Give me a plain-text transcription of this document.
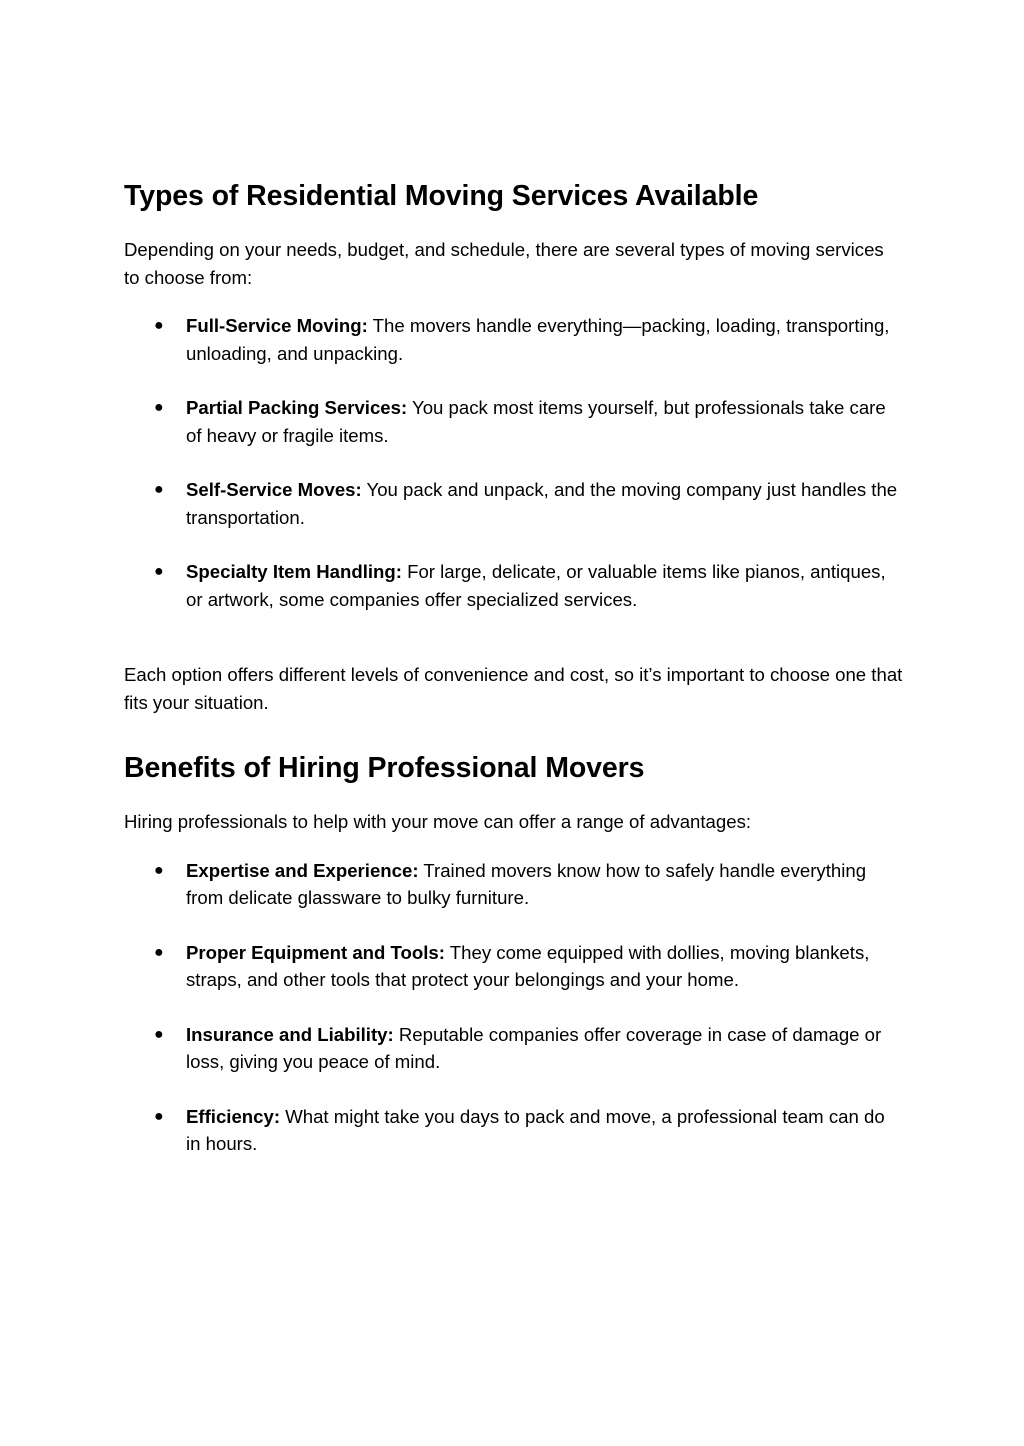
Types of Residential Moving Services Available

Depending on your needs, budget, and schedule, there are several types of moving services to choose from:

● Full-Service Moving: The movers handle everything—packing, loading, transporting, unloading, and unpacking.
● Partial Packing Services: You pack most items yourself, but professionals take care of heavy or fragile items.
● Self-Service Moves: You pack and unpack, and the moving company just handles the transportation.
● Specialty Item Handling: For large, delicate, or valuable items like pianos, antiques, or artwork, some companies offer specialized services.

Each option offers different levels of convenience and cost, so it’s important to choose one that fits your situation.

Benefits of Hiring Professional Movers

Hiring professionals to help with your move can offer a range of advantages:

● Expertise and Experience: Trained movers know how to safely handle everything from delicate glassware to bulky furniture.
● Proper Equipment and Tools: They come equipped with dollies, moving blankets, straps, and other tools that protect your belongings and your home.
● Insurance and Liability: Reputable companies offer coverage in case of damage or loss, giving you peace of mind.
● Efficiency: What might take you days to pack and move, a professional team can do in hours.
